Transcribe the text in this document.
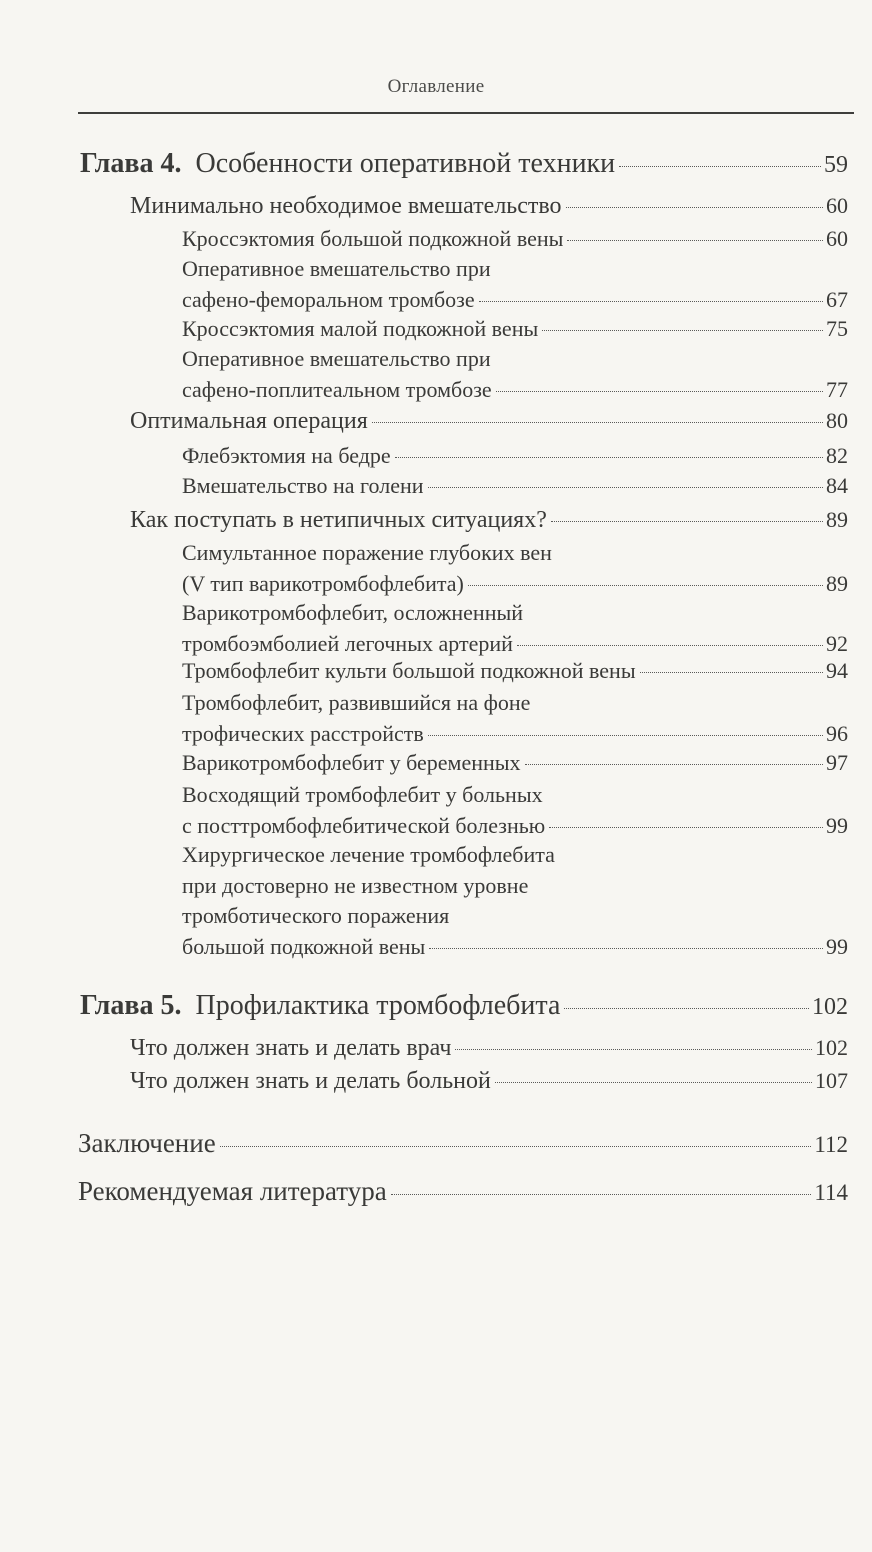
Оглавление
Глава 4.  Особенности оперативной техники	59
Минимально необходимое вмешательство	60
Кроссэктомия большой подкожной вены	60
Оперативное вмешательство при
сафено-феморальном тромбозе	67
Кроссэктомия малой подкожной вены	75
Оперативное вмешательство при
сафено-поплитеальном тромбозе	77
Оптимальная операция	80
Флебэктомия на бедре	82
Вмешательство на голени	84
Как поступать в нетипичных ситуациях?	89
Симультанное поражение глубоких вен
(V тип варикотромбофлебита)	89
Варикотромбофлебит, осложненный
тромбоэмболией легочных артерий	92
Тромбофлебит культи большой подкожной вены	94
Тромбофлебит, развившийся на фоне
трофических расстройств	96
Варикотромбофлебит у беременных	97
Восходящий тромбофлебит у больных
с посттромбофлебитической болезнью	99
Хирургическое лечение тромбофлебита
при достоверно не известном уровне
тромботического поражения
большой подкожной вены	99
Глава 5.  Профилактика тромбофлебита	102
Что должен знать и делать врач	102
Что должен знать и делать больной	107
Заключение	112
Рекомендуемая литература	114
